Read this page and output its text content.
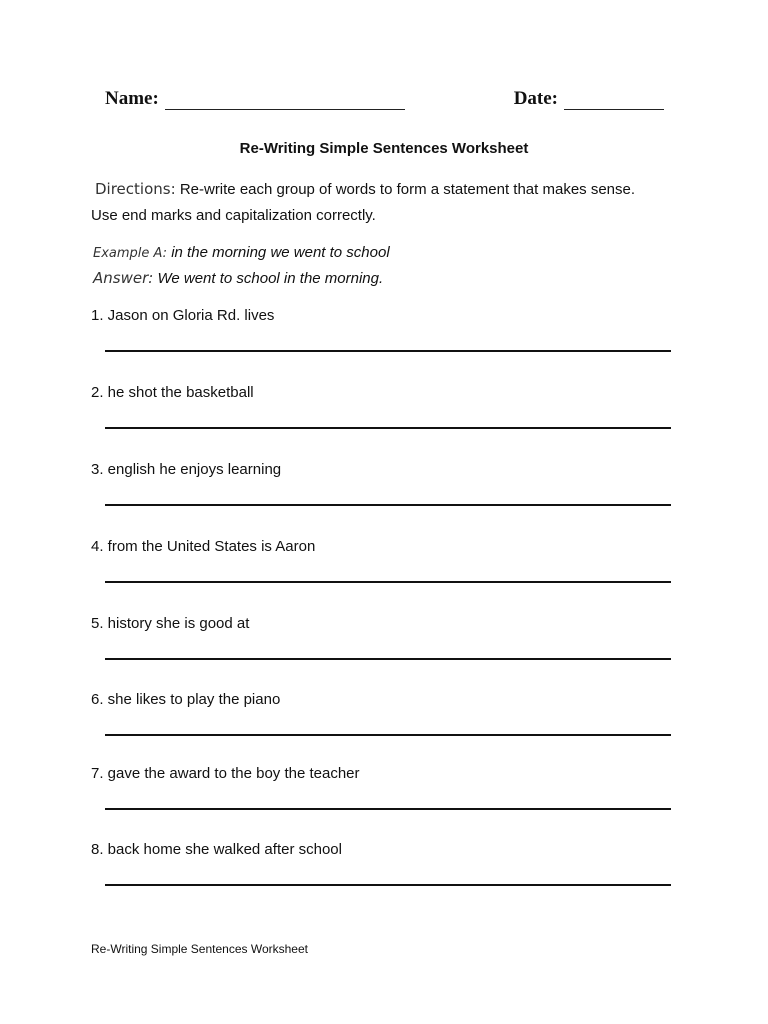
Name:	Date:
Re-Writing Simple Sentences Worksheet
Directions: Re-write each group of words to form a statement that makes sense. Use end marks and capitalization correctly.
Example A: in the morning we went to school
Answer: We went to school in the morning.
1. Jason on Gloria Rd. lives
2. he shot the basketball
3. english he enjoys learning
4. from the United States is Aaron
5. history she is good at
6. she likes to play the piano
7. gave the award to the boy the teacher
8. back home she walked after school
Re-Writing Simple Sentences Worksheet
